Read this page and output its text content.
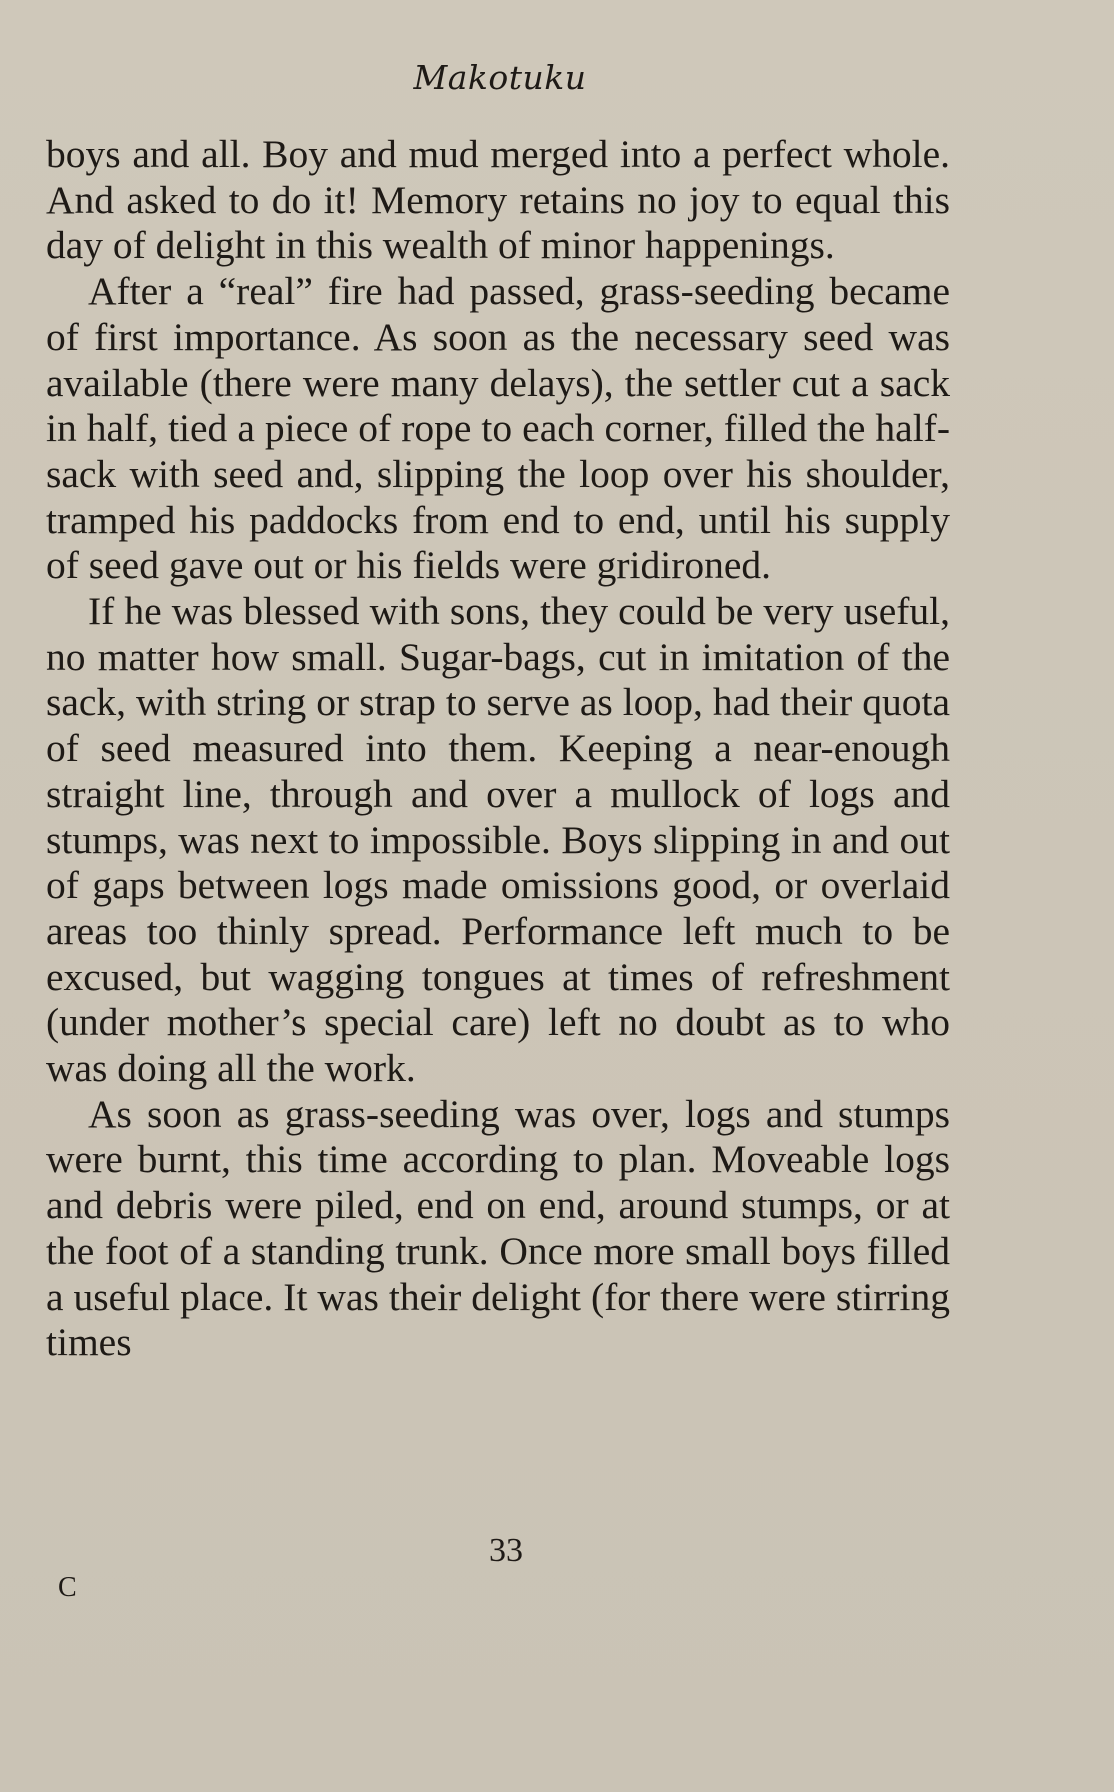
Makotuku

boys and all. Boy and mud merged into a perfect whole. And asked to do it! Memory retains no joy to equal this day of delight in this wealth of minor happenings.

After a “real” fire had passed, grass-seeding became of first importance. As soon as the necessary seed was available (there were many delays), the settler cut a sack in half, tied a piece of rope to each corner, filled the half-sack with seed and, slipping the loop over his shoulder, tramped his paddocks from end to end, until his supply of seed gave out or his fields were gridironed.

If he was blessed with sons, they could be very useful, no matter how small. Sugar-bags, cut in imitation of the sack, with string or strap to serve as loop, had their quota of seed measured into them. Keeping a near-enough straight line, through and over a mullock of logs and stumps, was next to impossible. Boys slipping in and out of gaps between logs made omissions good, or overlaid areas too thinly spread. Performance left much to be excused, but wagging tongues at times of refreshment (under mother’s special care) left no doubt as to who was doing all the work.

As soon as grass-seeding was over, logs and stumps were burnt, this time according to plan. Moveable logs and debris were piled, end on end, around stumps, or at the foot of a standing trunk. Once more small boys filled a useful place. It was their delight (for there were stirring times

33
C
